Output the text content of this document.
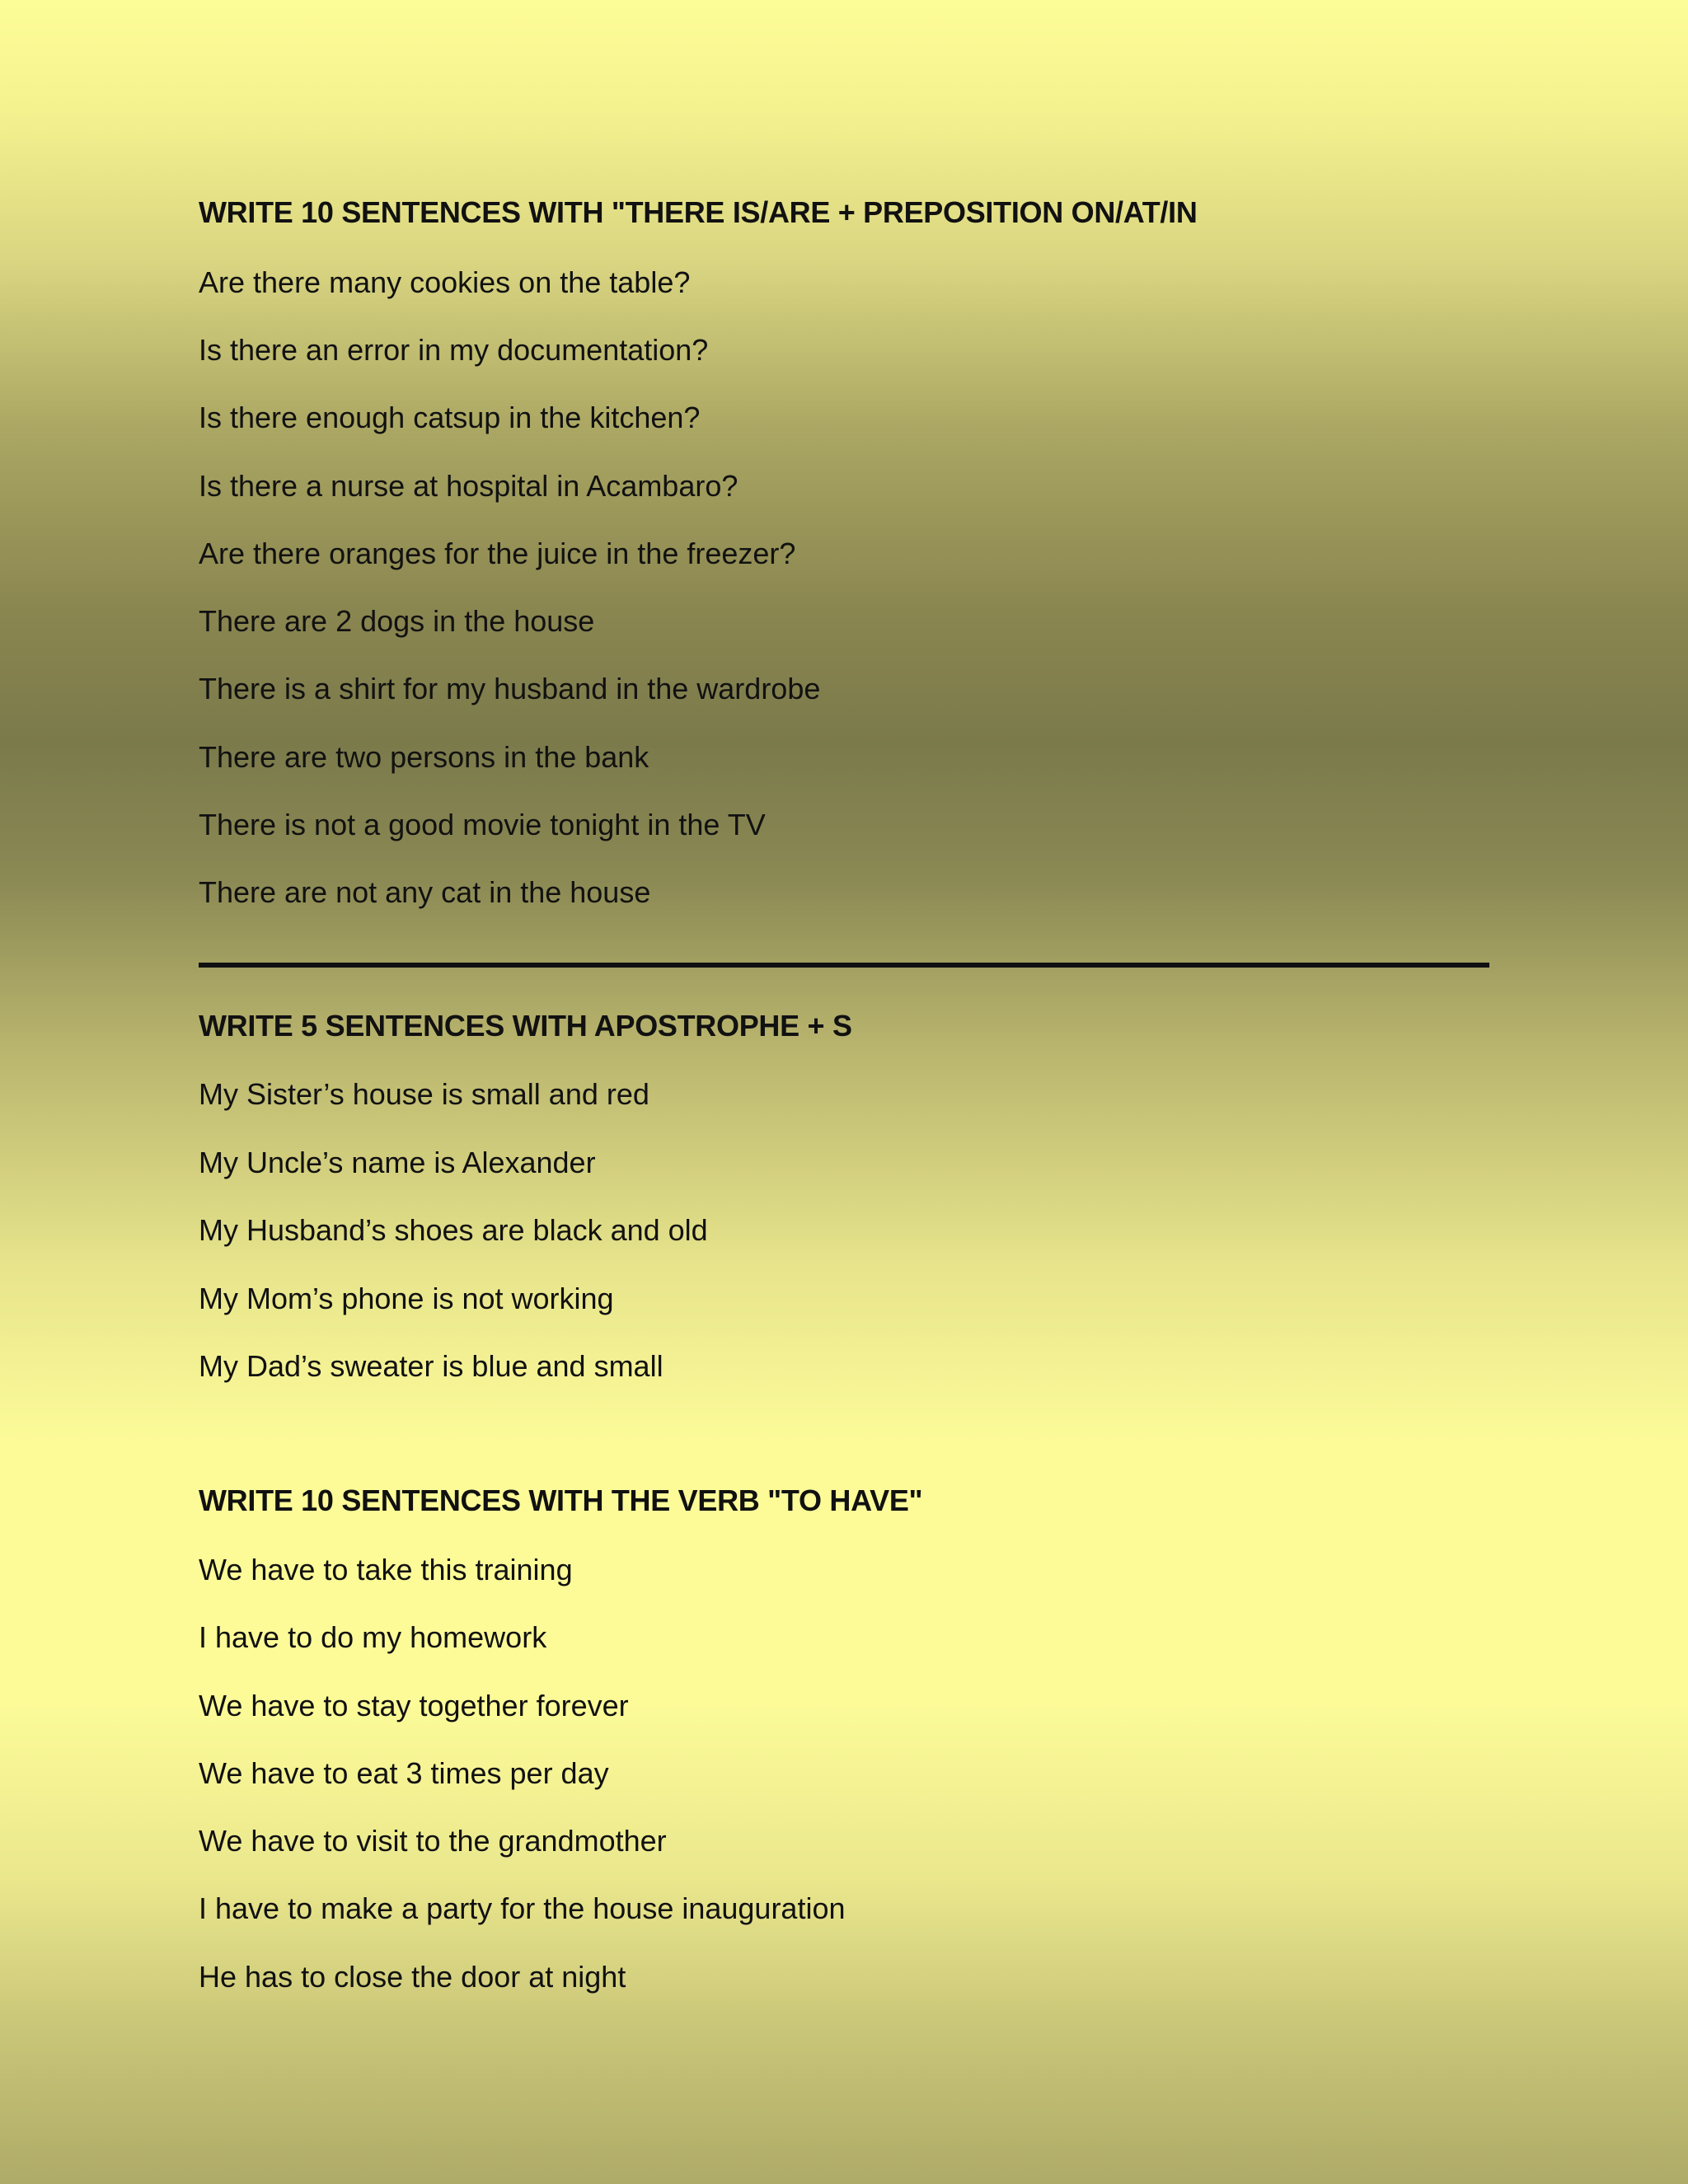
WRITE 10 SENTENCES WITH "THERE IS/ARE + PREPOSITION ON/AT/IN
Are there many cookies on the table?
Is there an error in my documentation?
Is there enough catsup in the kitchen?
Is there a nurse at hospital in Acambaro?
Are there oranges for the juice in the freezer?
There are 2 dogs in the house
There is a shirt for my husband in the wardrobe
There are two persons in the bank
There is not a good movie tonight in the TV
There are not any cat in the house
WRITE 5 SENTENCES WITH APOSTROPHE + S
My Sister’s house is small and red
My Uncle’s name is Alexander
My Husband’s shoes are black and old
My Mom’s phone is not working
My Dad’s sweater is blue and small
WRITE 10 SENTENCES WITH THE VERB "TO HAVE"
We have to take this training
I have to do my homework
We have to stay together forever
We have to eat 3 times per day
We have to visit to the grandmother
I have to make a party for the house inauguration
He has to close the door at night
